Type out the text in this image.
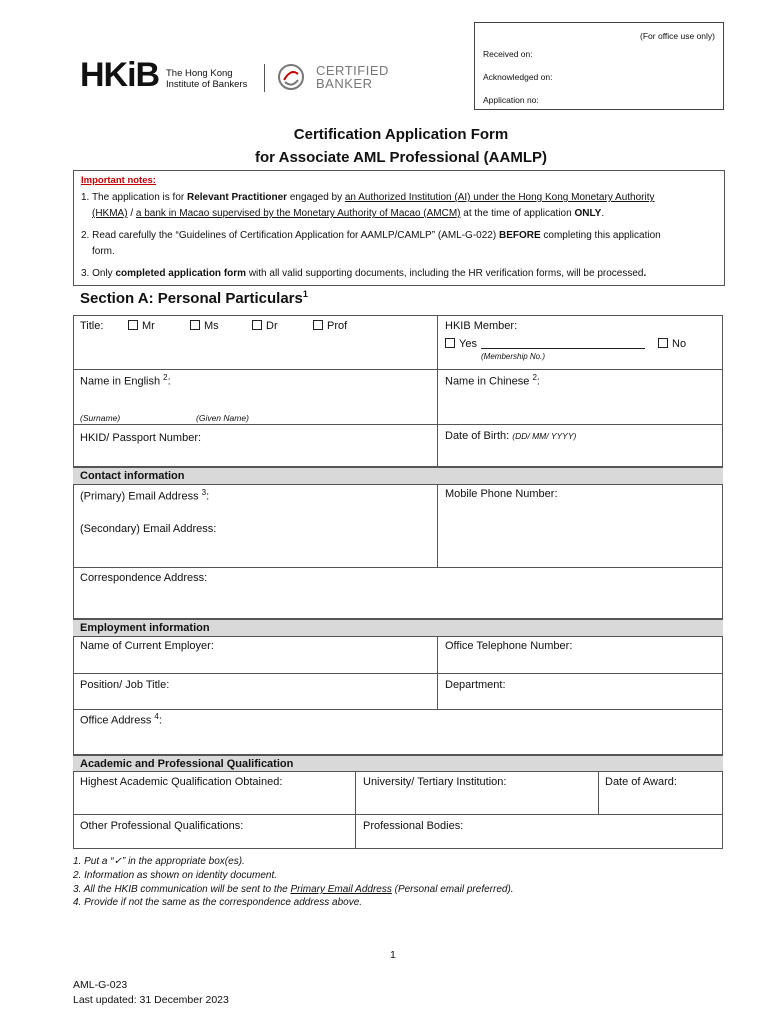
(For office use only)
Received on:
Acknowledged on:
Application no:
HKiB The Hong Kong
Institute of Bankers
CERTIFIED
BANKER
Certification Application Form
for Associate AML Professional (AAMLP)
Important notes:
1. The application is for Relevant Practitioner engaged by an Authorized Institution (AI) under the Hong Kong Monetary Authority
(HKMA) / a bank in Macao supervised by the Monetary Authority of Macao (AMCM) at the time of application ONLY.
2. Read carefully the “Guidelines of Certification Application for AAMLP/CAMLP” (AML-G-022) BEFORE completing this application
form.
3. Only completed application form with all valid supporting documents, including the HR verification forms, will be processed.
Section A: Personal Particulars$^1$
Title:	Mr	Ms	Dr	Prof	HKIB Member:
Yes
(Membership No.)
No
Name in English $^2$:	Name in Chinese $^2$:
(Surname)	(Given Name)
HKID/ Passport Number:	Date of Birth: (DD/ MM/ YYYY)
Contact information
(Primary) Email Address $^3$:	Mobile Phone Number:
(Secondary) Email Address:
Correspondence Address:
Employment information
Name of Current Employer:	Office Telephone Number:
Position/ Job Title:	Department:
Office Address $^4$:
Academic and Professional Qualification
Highest Academic Qualification Obtained:	University/ Tertiary Institution:	Date of Award:
Other Professional Qualifications:	Professional Bodies:
1. Put a “✓” in the appropriate box(es).
2. Information as shown on identity document.
3. All the HKIB communication will be sent to the Primary Email Address (Personal email preferred).
4. Provide if not the same as the correspondence address above.
1
AML-G-023
Last updated: 31 December 2023
